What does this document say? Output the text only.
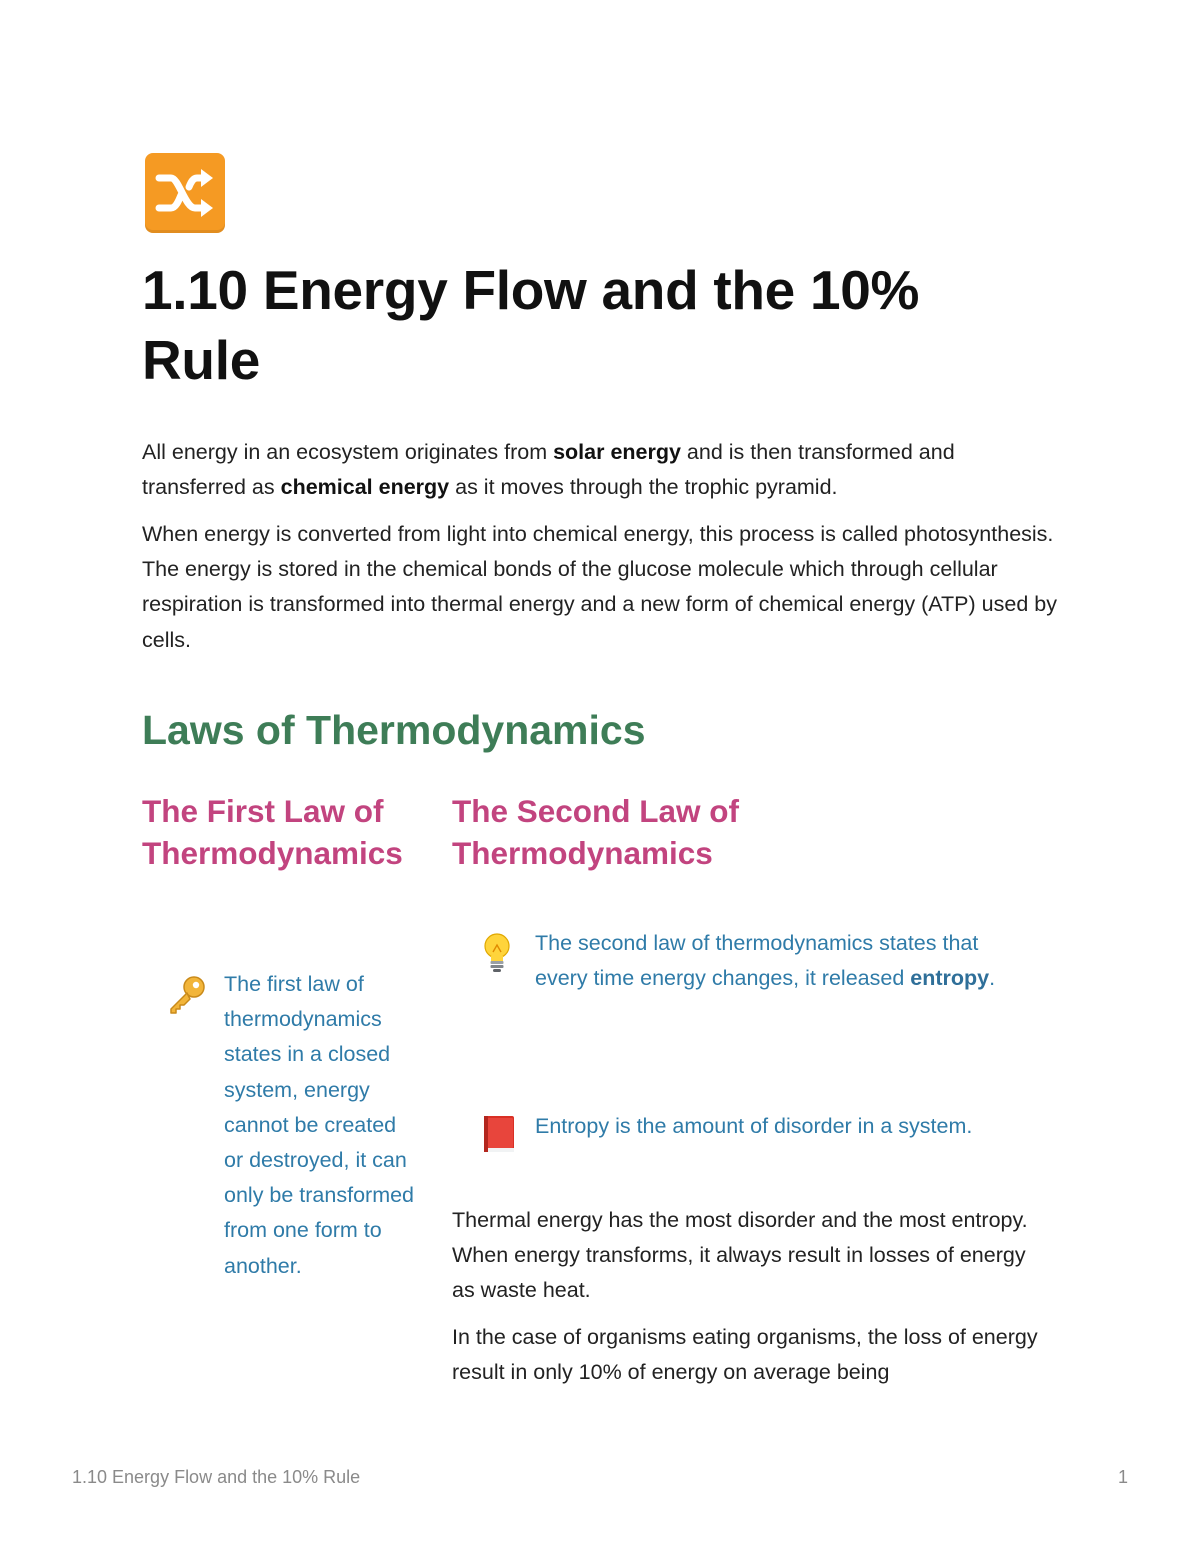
1.10 Energy Flow and the 10% Rule

All energy in an ecosystem originates from solar energy and is then transformed and transferred as chemical energy as it moves through the trophic pyramid.

When energy is converted from light into chemical energy, this process is called photosynthesis. The energy is stored in the chemical bonds of the glucose molecule which through cellular respiration is transformed into thermal energy and a new form of chemical energy (ATP) used by cells.

Laws of Thermodynamics
The First Law of Thermodynamics

The first law of thermodynamics states in a closed system, energy cannot be created or destroyed, it can only be transformed from one form to another.

The Second Law of Thermodynamics

The second law of thermodynamics states that every time energy changes, it released entropy.

Entropy is the amount of disorder in a system.

Thermal energy has the most disorder and the most entropy. When energy transforms, it always result in losses of energy as waste heat.

In the case of organisms eating organisms, the loss of energy result in only 10% of energy on average being

1.10 Energy Flow and the 10% Rule	1
